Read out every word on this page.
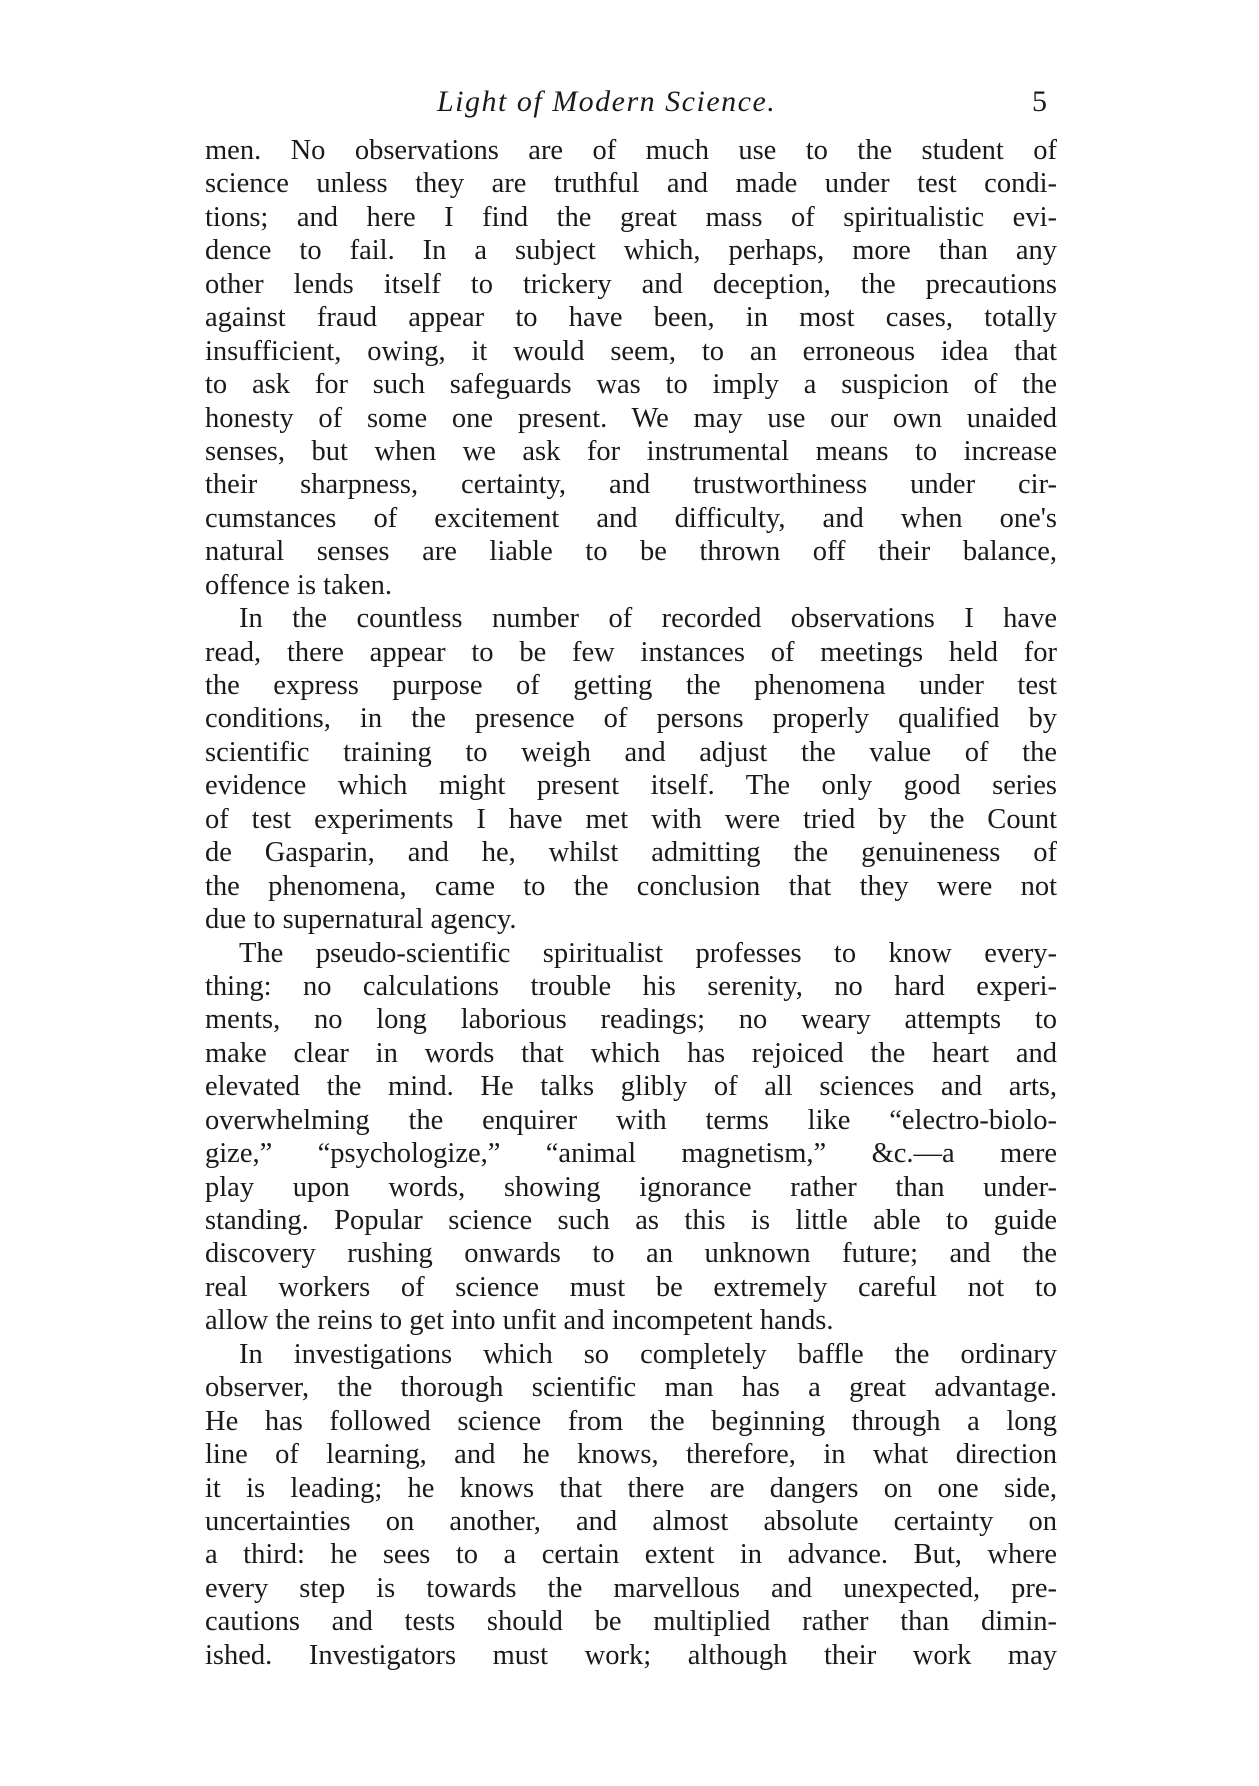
Light of Modern Science.	5
men. No observations are of much use to the student of
science unless they are truthful and made under test condi-
tions; and here I find the great mass of spiritualistic evi-
dence to fail. In a subject which, perhaps, more than any
other lends itself to trickery and deception, the precautions
against fraud appear to have been, in most cases, totally
insufficient, owing, it would seem, to an erroneous idea that
to ask for such safeguards was to imply a suspicion of the
honesty of some one present. We may use our own unaided
senses, but when we ask for instrumental means to increase
their sharpness, certainty, and trustworthiness under cir-
cumstances of excitement and difficulty, and when one's
natural senses are liable to be thrown off their balance,
offence is taken.
In the countless number of recorded observations I have
read, there appear to be few instances of meetings held for
the express purpose of getting the phenomena under test
conditions, in the presence of persons properly qualified by
scientific training to weigh and adjust the value of the
evidence which might present itself. The only good series
of test experiments I have met with were tried by the Count
de Gasparin, and he, whilst admitting the genuineness of
the phenomena, came to the conclusion that they were not
due to supernatural agency.
The pseudo-scientific spiritualist professes to know every-
thing: no calculations trouble his serenity, no hard experi-
ments, no long laborious readings; no weary attempts to
make clear in words that which has rejoiced the heart and
elevated the mind. He talks glibly of all sciences and arts,
overwhelming the enquirer with terms like “electro-biolo-
gize,” “psychologize,” “animal magnetism,” &c.—a mere
play upon words, showing ignorance rather than under-
standing. Popular science such as this is little able to guide
discovery rushing onwards to an unknown future; and the
real workers of science must be extremely careful not to
allow the reins to get into unfit and incompetent hands.
In investigations which so completely baffle the ordinary
observer, the thorough scientific man has a great advantage.
He has followed science from the beginning through a long
line of learning, and he knows, therefore, in what direction
it is leading; he knows that there are dangers on one side,
uncertainties on another, and almost absolute certainty on
a third: he sees to a certain extent in advance. But, where
every step is towards the marvellous and unexpected, pre-
cautions and tests should be multiplied rather than dimin-
ished. Investigators must work; although their work may
